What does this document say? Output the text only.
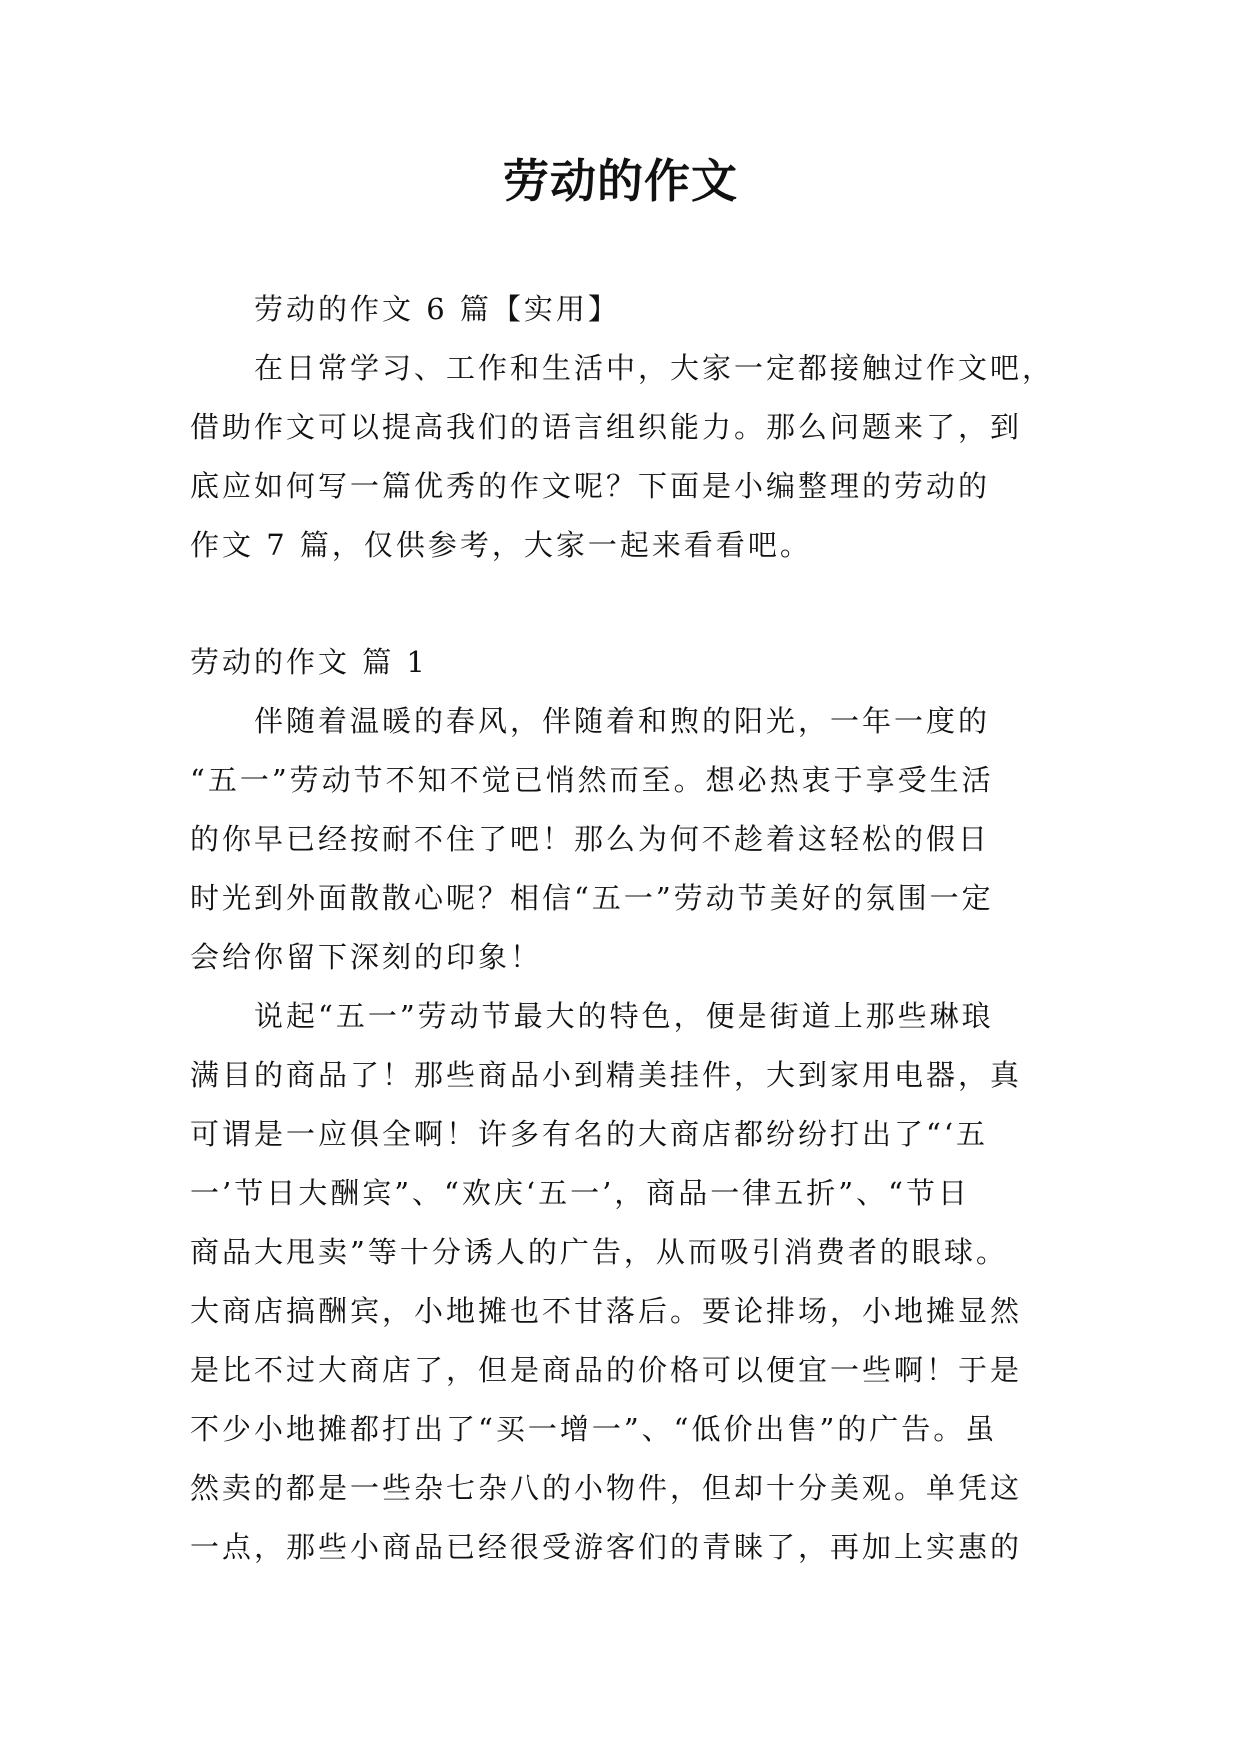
劳动的作文
劳动的作文 6 篇【实用】
在日常学习、工作和生活中，大家一定都接触过作文吧，
借助作文可以提高我们的语言组织能力。那么问题来了，到
底应如何写一篇优秀的作文呢？下面是小编整理的劳动的
作文 7 篇，仅供参考，大家一起来看看吧。
劳动的作文 篇 1
伴随着温暖的春风，伴随着和煦的阳光，一年一度的
“五一”劳动节不知不觉已悄然而至。想必热衷于享受生活
的你早已经按耐不住了吧！那么为何不趁着这轻松的假日
时光到外面散散心呢？相信“五一”劳动节美好的氛围一定
会给你留下深刻的印象！
说起“五一”劳动节最大的特色，便是街道上那些琳琅
满目的商品了！那些商品小到精美挂件，大到家用电器，真
可谓是一应俱全啊！许多有名的大商店都纷纷打出了“‘五
一’节日大酬宾”、“欢庆‘五一’，商品一律五折”、“节日
商品大甩卖”等十分诱人的广告，从而吸引消费者的眼球。
大商店搞酬宾，小地摊也不甘落后。要论排场，小地摊显然
是比不过大商店了，但是商品的价格可以便宜一些啊！于是
不少小地摊都打出了“买一增一”、“低价出售”的广告。虽
然卖的都是一些杂七杂八的小物件，但却十分美观。单凭这
一点，那些小商品已经很受游客们的青睐了，再加上实惠的
